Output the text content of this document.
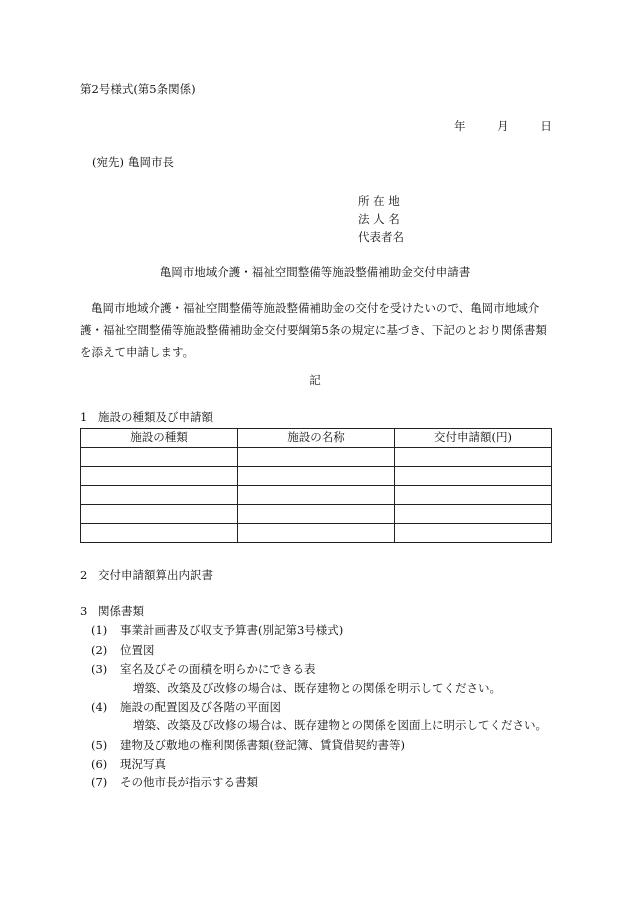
第2号様式(第5条関係)
年	月	日
(宛先) 亀岡市長
所 在 地
法 人 名
代表者名
亀岡市地域介護・福祉空間整備等施設整備補助金交付申請書
亀岡市地域介護・福祉空間整備等施設整備補助金の交付を受けたいので、亀岡市地域介護・福祉空間整備等施設整備補助金交付要綱第5条の規定に基づき、下記のとおり関係書類を添えて申請します。
記
1 施設の種類及び申請額
施設の種類	施設の名称	交付申請額(円)

2 交付申請額算出内訳書
3 関係書類
(1) 事業計画書及び収支予算書(別記第3号様式)
(2) 位置図
(3) 室名及びその面積を明らかにできる表
増築、改築及び改修の場合は、既存建物との関係を明示してください。
(4) 施設の配置図及び各階の平面図
増築、改築及び改修の場合は、既存建物との関係を図面上に明示してください。
(5) 建物及び敷地の権利関係書類(登記簿、賃貸借契約書等)
(6) 現況写真
(7) その他市長が指示する書類
